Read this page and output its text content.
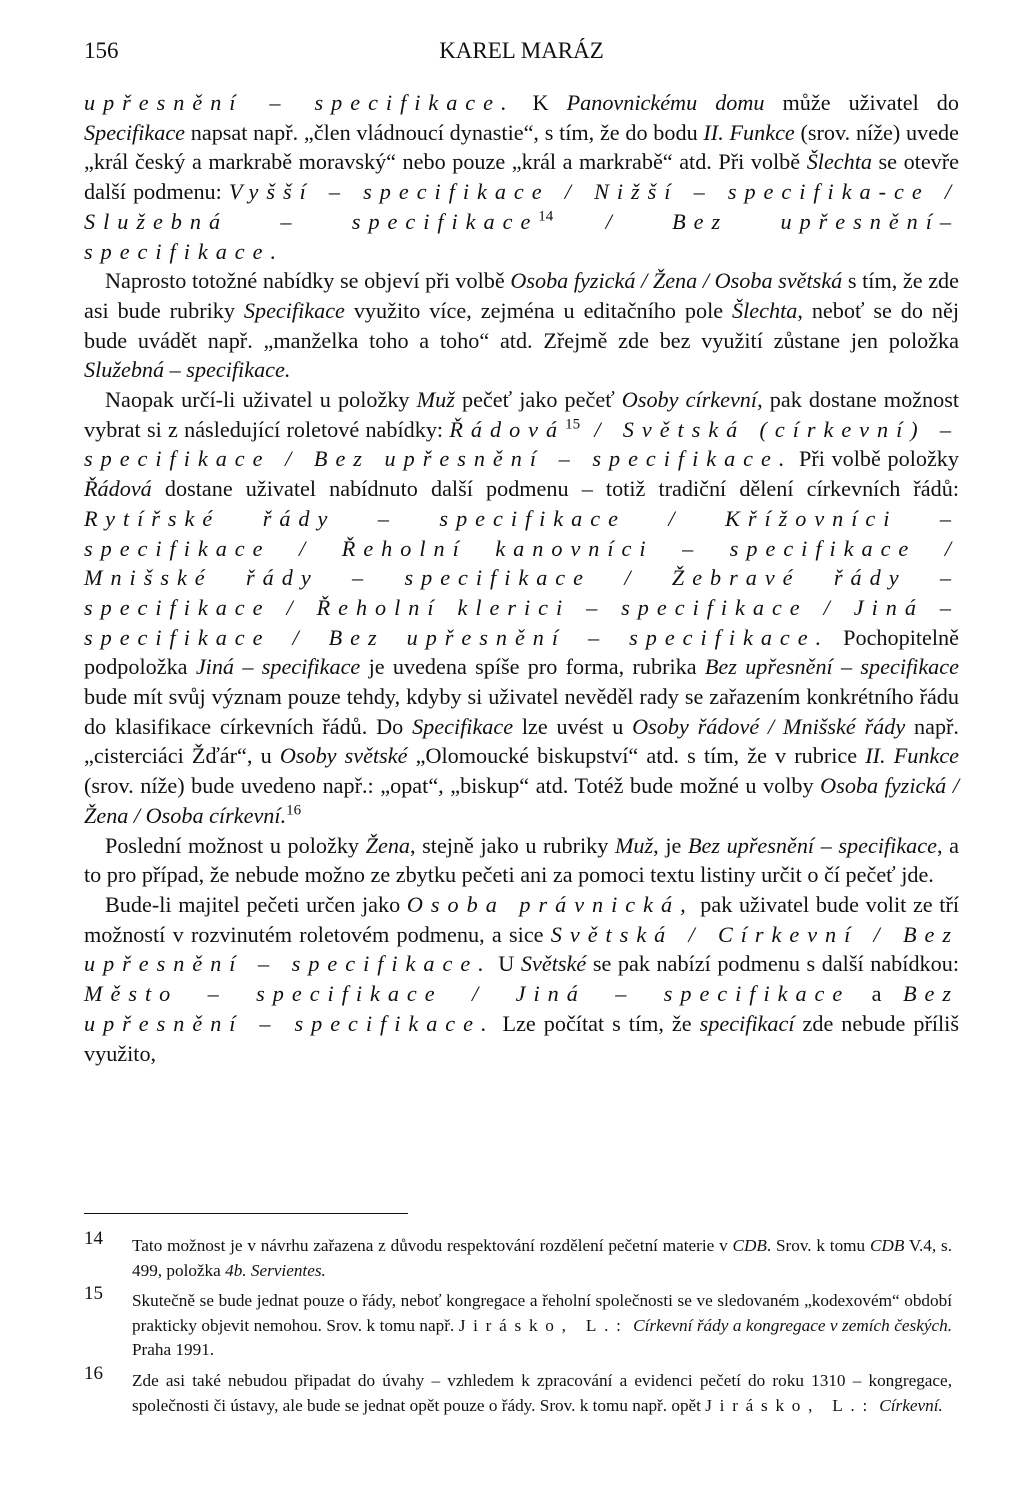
156	KAREL MARÁZ

upřesnění – specifikace. K Panovnickému domu může uživatel do Specifikace napsat např. „člen vládnoucí dynastie“, s tím, že do bodu II. Funkce (srov. níže) uvede „král český a markrabě moravský“ nebo pouze „král a markrabě“ atd. Při volbě Šlechta se otevře další podmenu: Vyšší – specifikace / Nižší – specifika-ce / Služebná – specifikace$^{14}$ / Bez upřesnění–specifikace.

Naprosto totožné nabídky se objeví při volbě Osoba fyzická / Žena / Osoba světská s tím, že zde asi bude rubriky Specifikace využito více, zejména u editačního pole Šlechta, neboť se do něj bude uvádět např. „manželka toho a toho“ atd. Zřejmě zde bez využití zůstane jen položka Služebná – specifikace.

Naopak určí-li uživatel u položky Muž pečeť jako pečeť Osoby církevní, pak dostane možnost vybrat si z následující roletové nabídky: Řádová$^{15}$ / Světská (církevní) – specifikace / Bez upřesnění – specifikace. Při volbě položky Řádová dostane uživatel nabídnuto další podmenu – totiž tradiční dělení církevních řádů: Rytířské řády – specifikace / Křížovníci – specifikace / Řeholní kanovníci – specifikace / Mnišské řády – specifikace / Žebravé řády – specifikace / Řeholní klerici – specifikace / Jiná – specifikace / Bez upřesnění – specifikace. Pochopitelně podpoložka Jiná – specifikace je uvedena spíše pro forma, rubrika Bez upřesnění – specifikace bude mít svůj význam pouze tehdy, kdyby si uživatel nevěděl rady se zařazením konkrétního řádu do klasifikace církevních řádů. Do Specifikace lze uvést u Osoby řádové / Mnišské řády např. „cisterciáci Žďár“, u Osoby světské „Olomoucké biskupství“ atd. s tím, že v rubrice II. Funkce (srov. níže) bude uvedeno např.: „opat“, „biskup“ atd. Totéž bude možné u volby Osoba fyzická / Žena / Osoba církevní.$^{16}$

Poslední možnost u položky Žena, stejně jako u rubriky Muž, je Bez upřesnění – specifikace, a to pro případ, že nebude možno ze zbytku pečeti ani za pomoci textu listiny určit o čí pečeť jde.

Bude-li majitel pečeti určen jako Osoba právnická, pak uživatel bude volit ze tří možností v rozvinutém roletovém podmenu, a sice Světská / Církevní / Bez upřesnění – specifikace. U Světské se pak nabízí podmenu s další nabídkou: Město – specifikace / Jiná – specifikace a Bez upřesnění – specifikace. Lze počítat s tím, že specifikací zde nebude příliš využito,

14 Tato možnost je v návrhu zařazena z důvodu respektování rozdělení pečetní materie v CDB. Srov. k tomu CDB V.4, s. 499, položka 4b. Servientes.
15 Skutečně se bude jednat pouze o řády, neboť kongregace a řeholní společnosti se ve sledovaném „kodexovém“ období prakticky objevit nemohou. Srov. k tomu např. Jirásko, L.: Církevní řády a kongregace v zemích českých. Praha 1991.
16 Zde asi také nebudou připadat do úvahy – vzhledem k zpracování a evidenci pečetí do roku 1310 – kongregace, společnosti či ústavy, ale bude se jednat opět pouze o řády. Srov. k tomu např. opět Jirásko, L.: Církevní.
